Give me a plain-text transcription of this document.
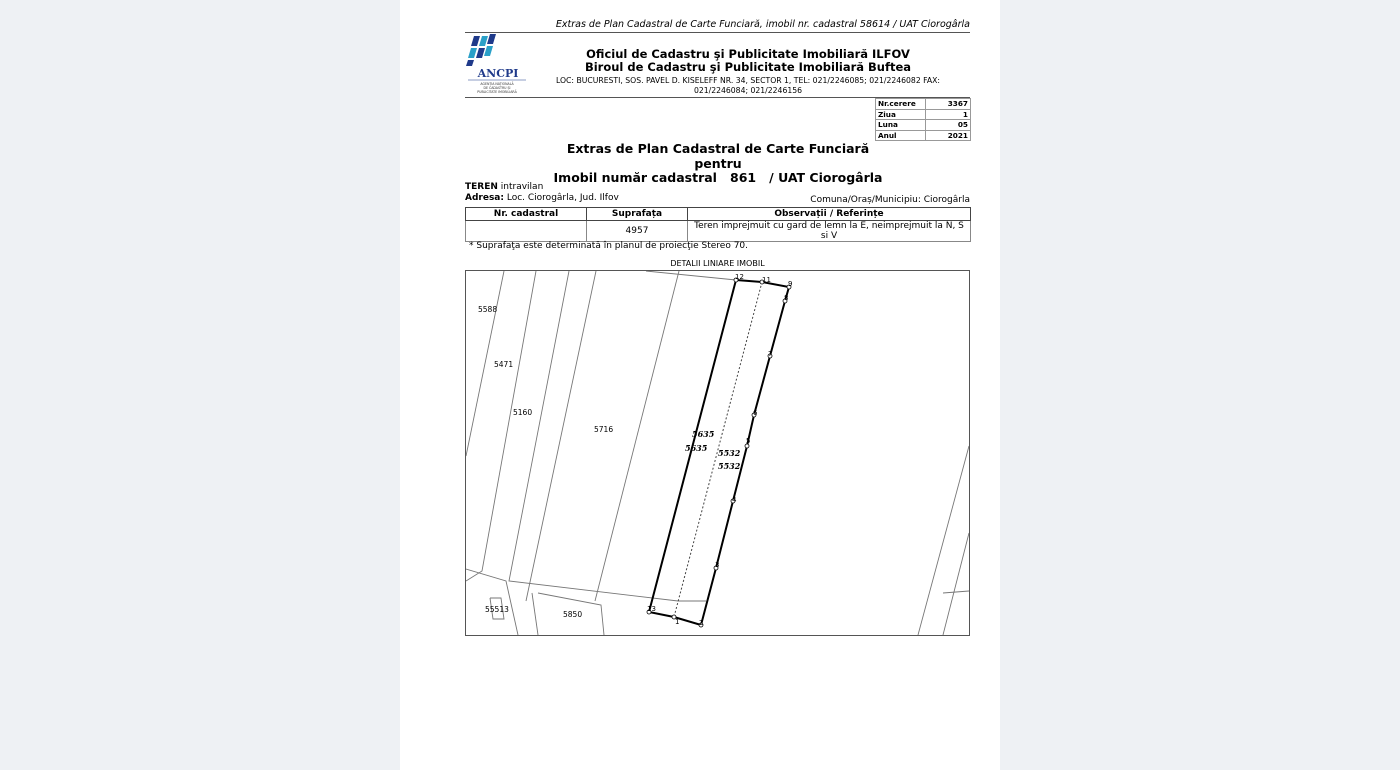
Extras de Plan Cadastral de Carte Funciară, imobil nr. cadastral 58614 / UAT Ciorogârla
ANCPI
AGENȚIA NAȚIONALĂ
DE CADASTRU ȘI
PUBLICITATE IMOBILIARĂ
Oficiul de Cadastru şi Publicitate Imobiliară ILFOV
Biroul de Cadastru şi Publicitate Imobiliară Buftea
LOC: BUCURESTI, SOS. PAVEL D. KISELEFF NR. 34, SECTOR 1, TEL: 021/2246085; 021/2246082 FAX: 021/2246084; 021/2246156
Nr.cerere	3367
Ziua	1
Luna	05
Anul	2021
Extras de Plan Cadastral de Carte Funciară
pentru
Imobil număr cadastral   861   / UAT Ciorogârla
TEREN intravilan
Adresa: Loc. Ciorogârla, Jud. Ilfov	Comuna/Oraș/Municipiu: Ciorogârla
Nr. cadastral	Suprafața	Observații / Referințe
	4957	Teren imprejmuit cu gard de lemn la E, neimprejmuit la N, S si V
* Suprafaţa este determinată în planul de proiecţie Stereo 70.
DETALII LINIARE IMOBIL
5588
5471
5160
5716
55513
5850
5635
5635 5532
5532
1	2
3
4
5
6
7
8
9
11
12
13
